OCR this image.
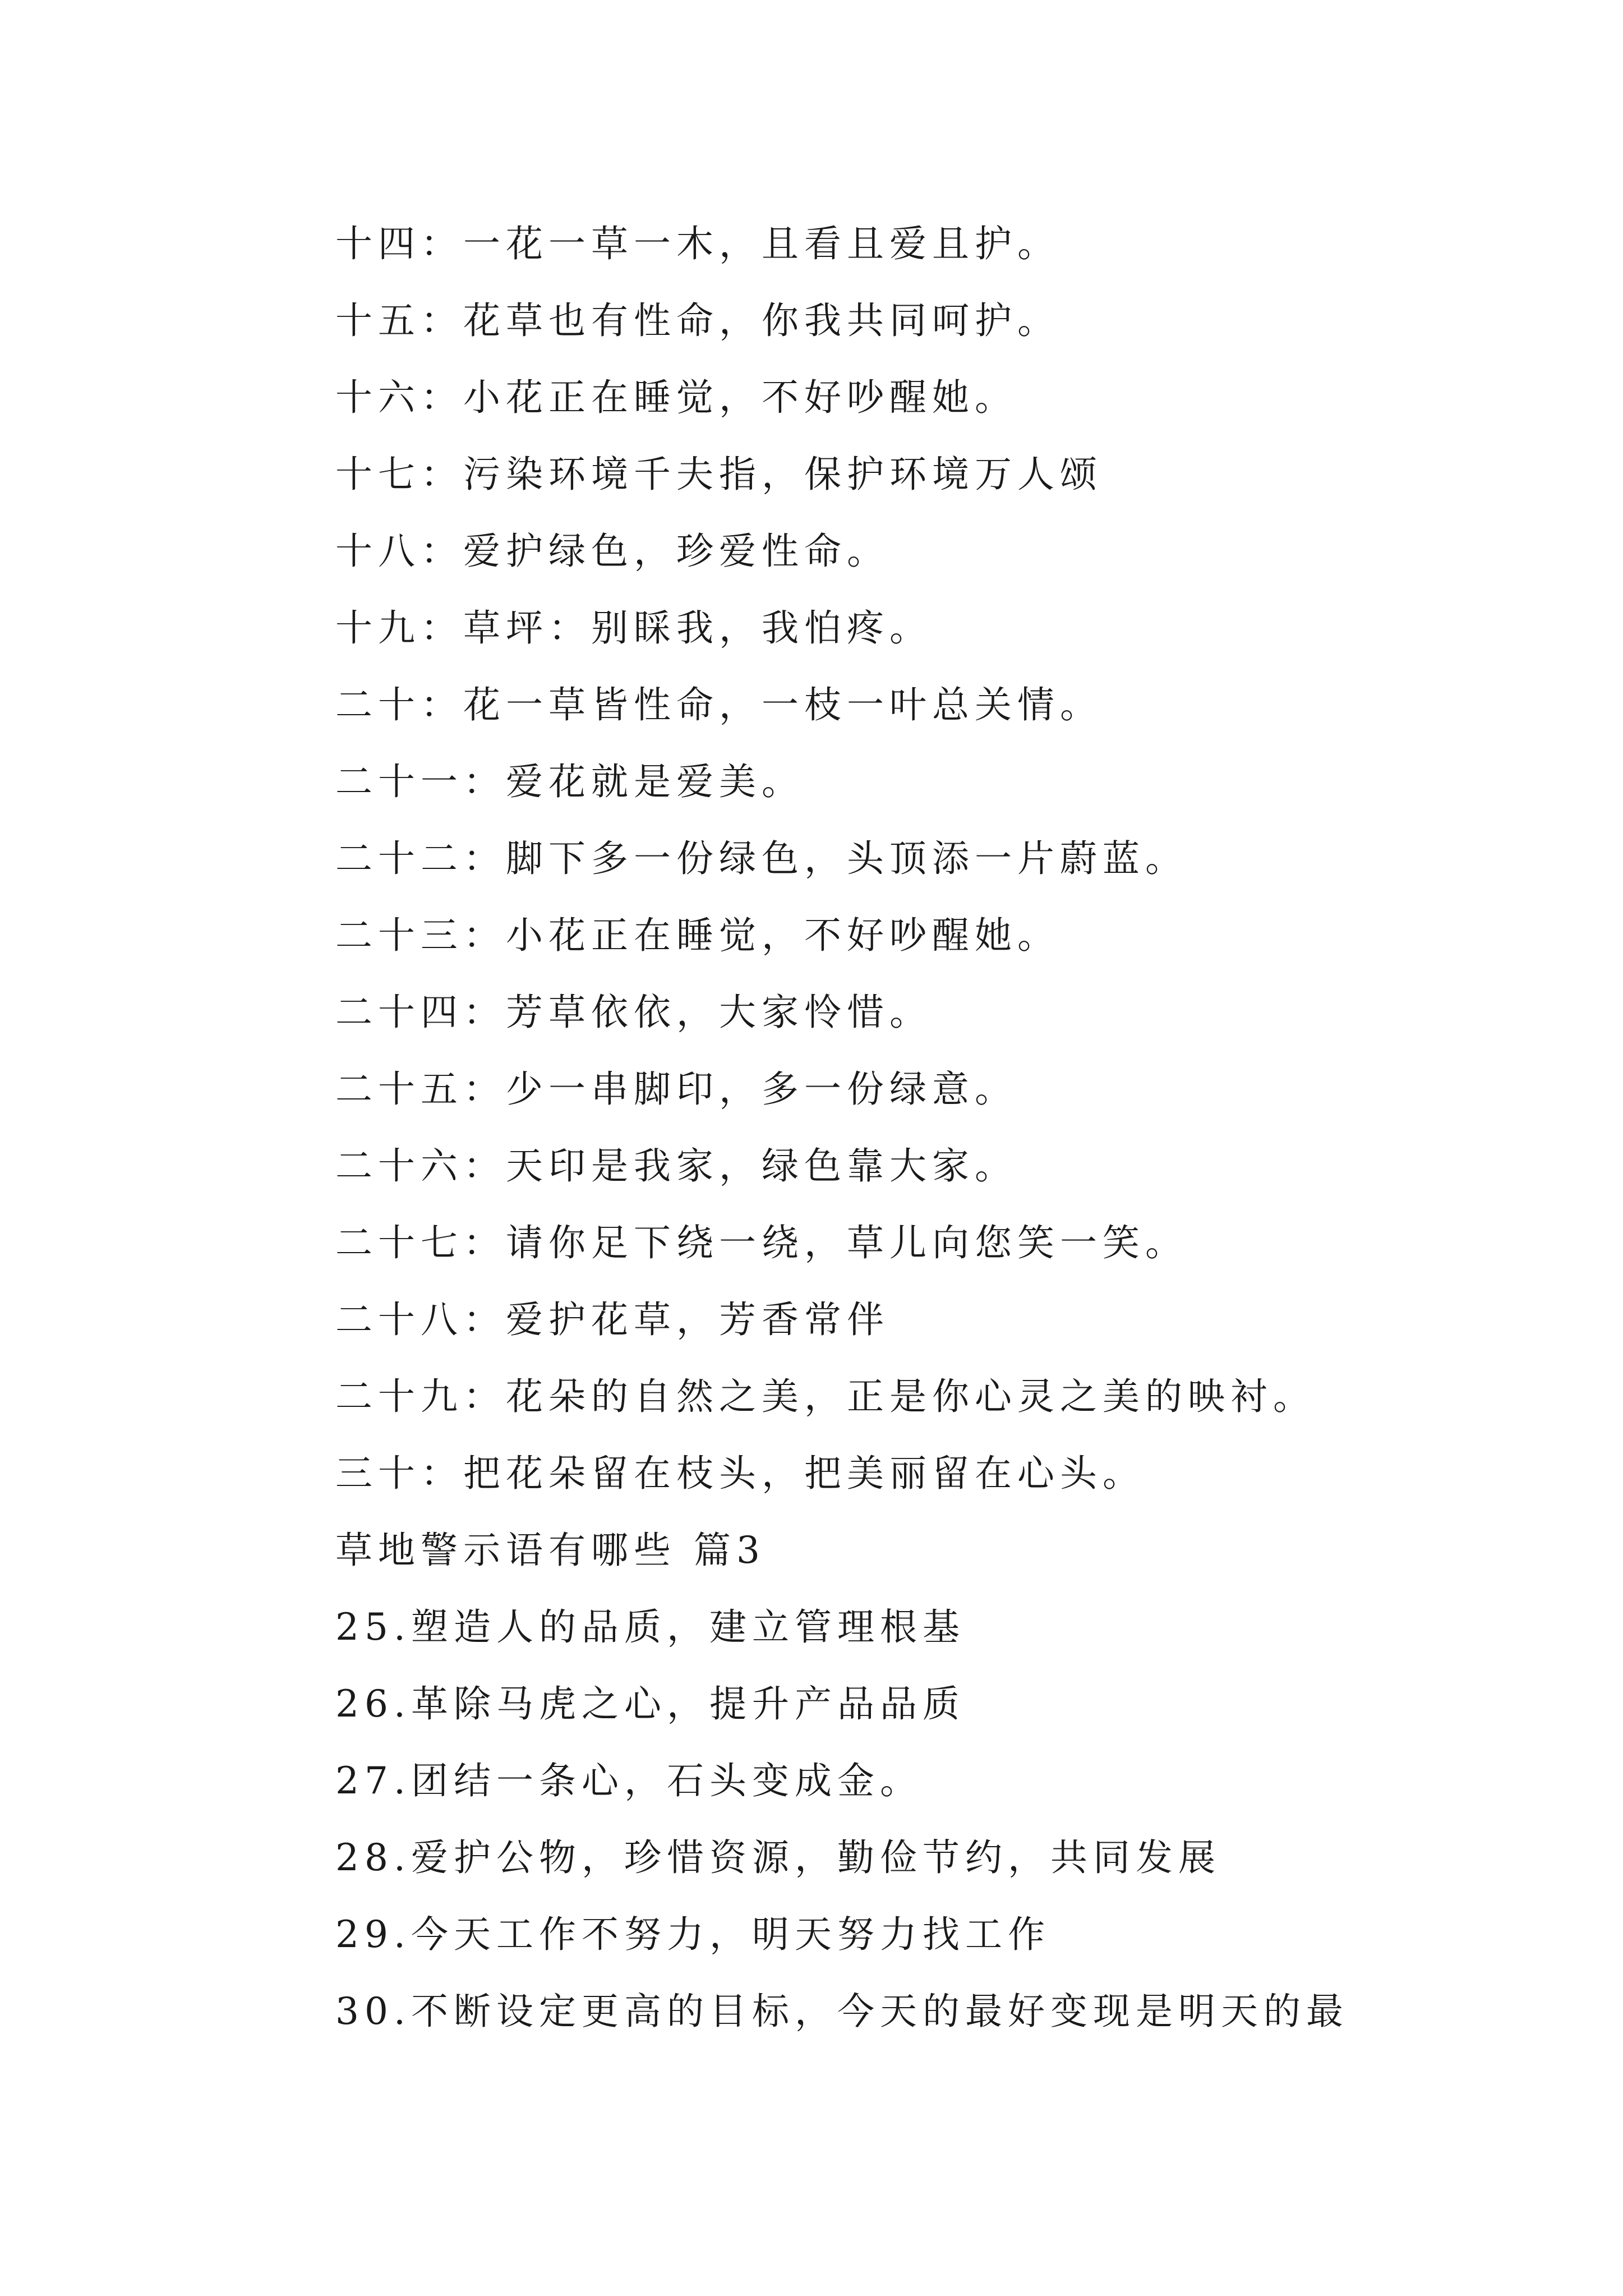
十四：一花一草一木，且看且爱且护。
十五：花草也有性命，你我共同呵护。
十六：小花正在睡觉，不好吵醒她。
十七：污染环境千夫指，保护环境万人颂
十八：爱护绿色，珍爱性命。
十九：草坪：别睬我，我怕疼。
二十：花一草皆性命，一枝一叶总关情。
二十一：爱花就是爱美。
二十二：脚下多一份绿色，头顶添一片蔚蓝。
二十三：小花正在睡觉，不好吵醒她。
二十四：芳草依依，大家怜惜。
二十五：少一串脚印，多一份绿意。
二十六：天印是我家，绿色靠大家。
二十七：请你足下绕一绕，草儿向您笑一笑。
二十八：爱护花草，芳香常伴
二十九：花朵的自然之美，正是你心灵之美的映衬。
三十：把花朵留在枝头，把美丽留在心头。
草地警示语有哪些 篇3
25.塑造人的品质，建立管理根基
26.革除马虎之心，提升产品品质
27.团结一条心，石头变成金。
28.爱护公物，珍惜资源，勤俭节约，共同发展
29.今天工作不努力，明天努力找工作
30.不断设定更高的目标，今天的最好变现是明天的最
